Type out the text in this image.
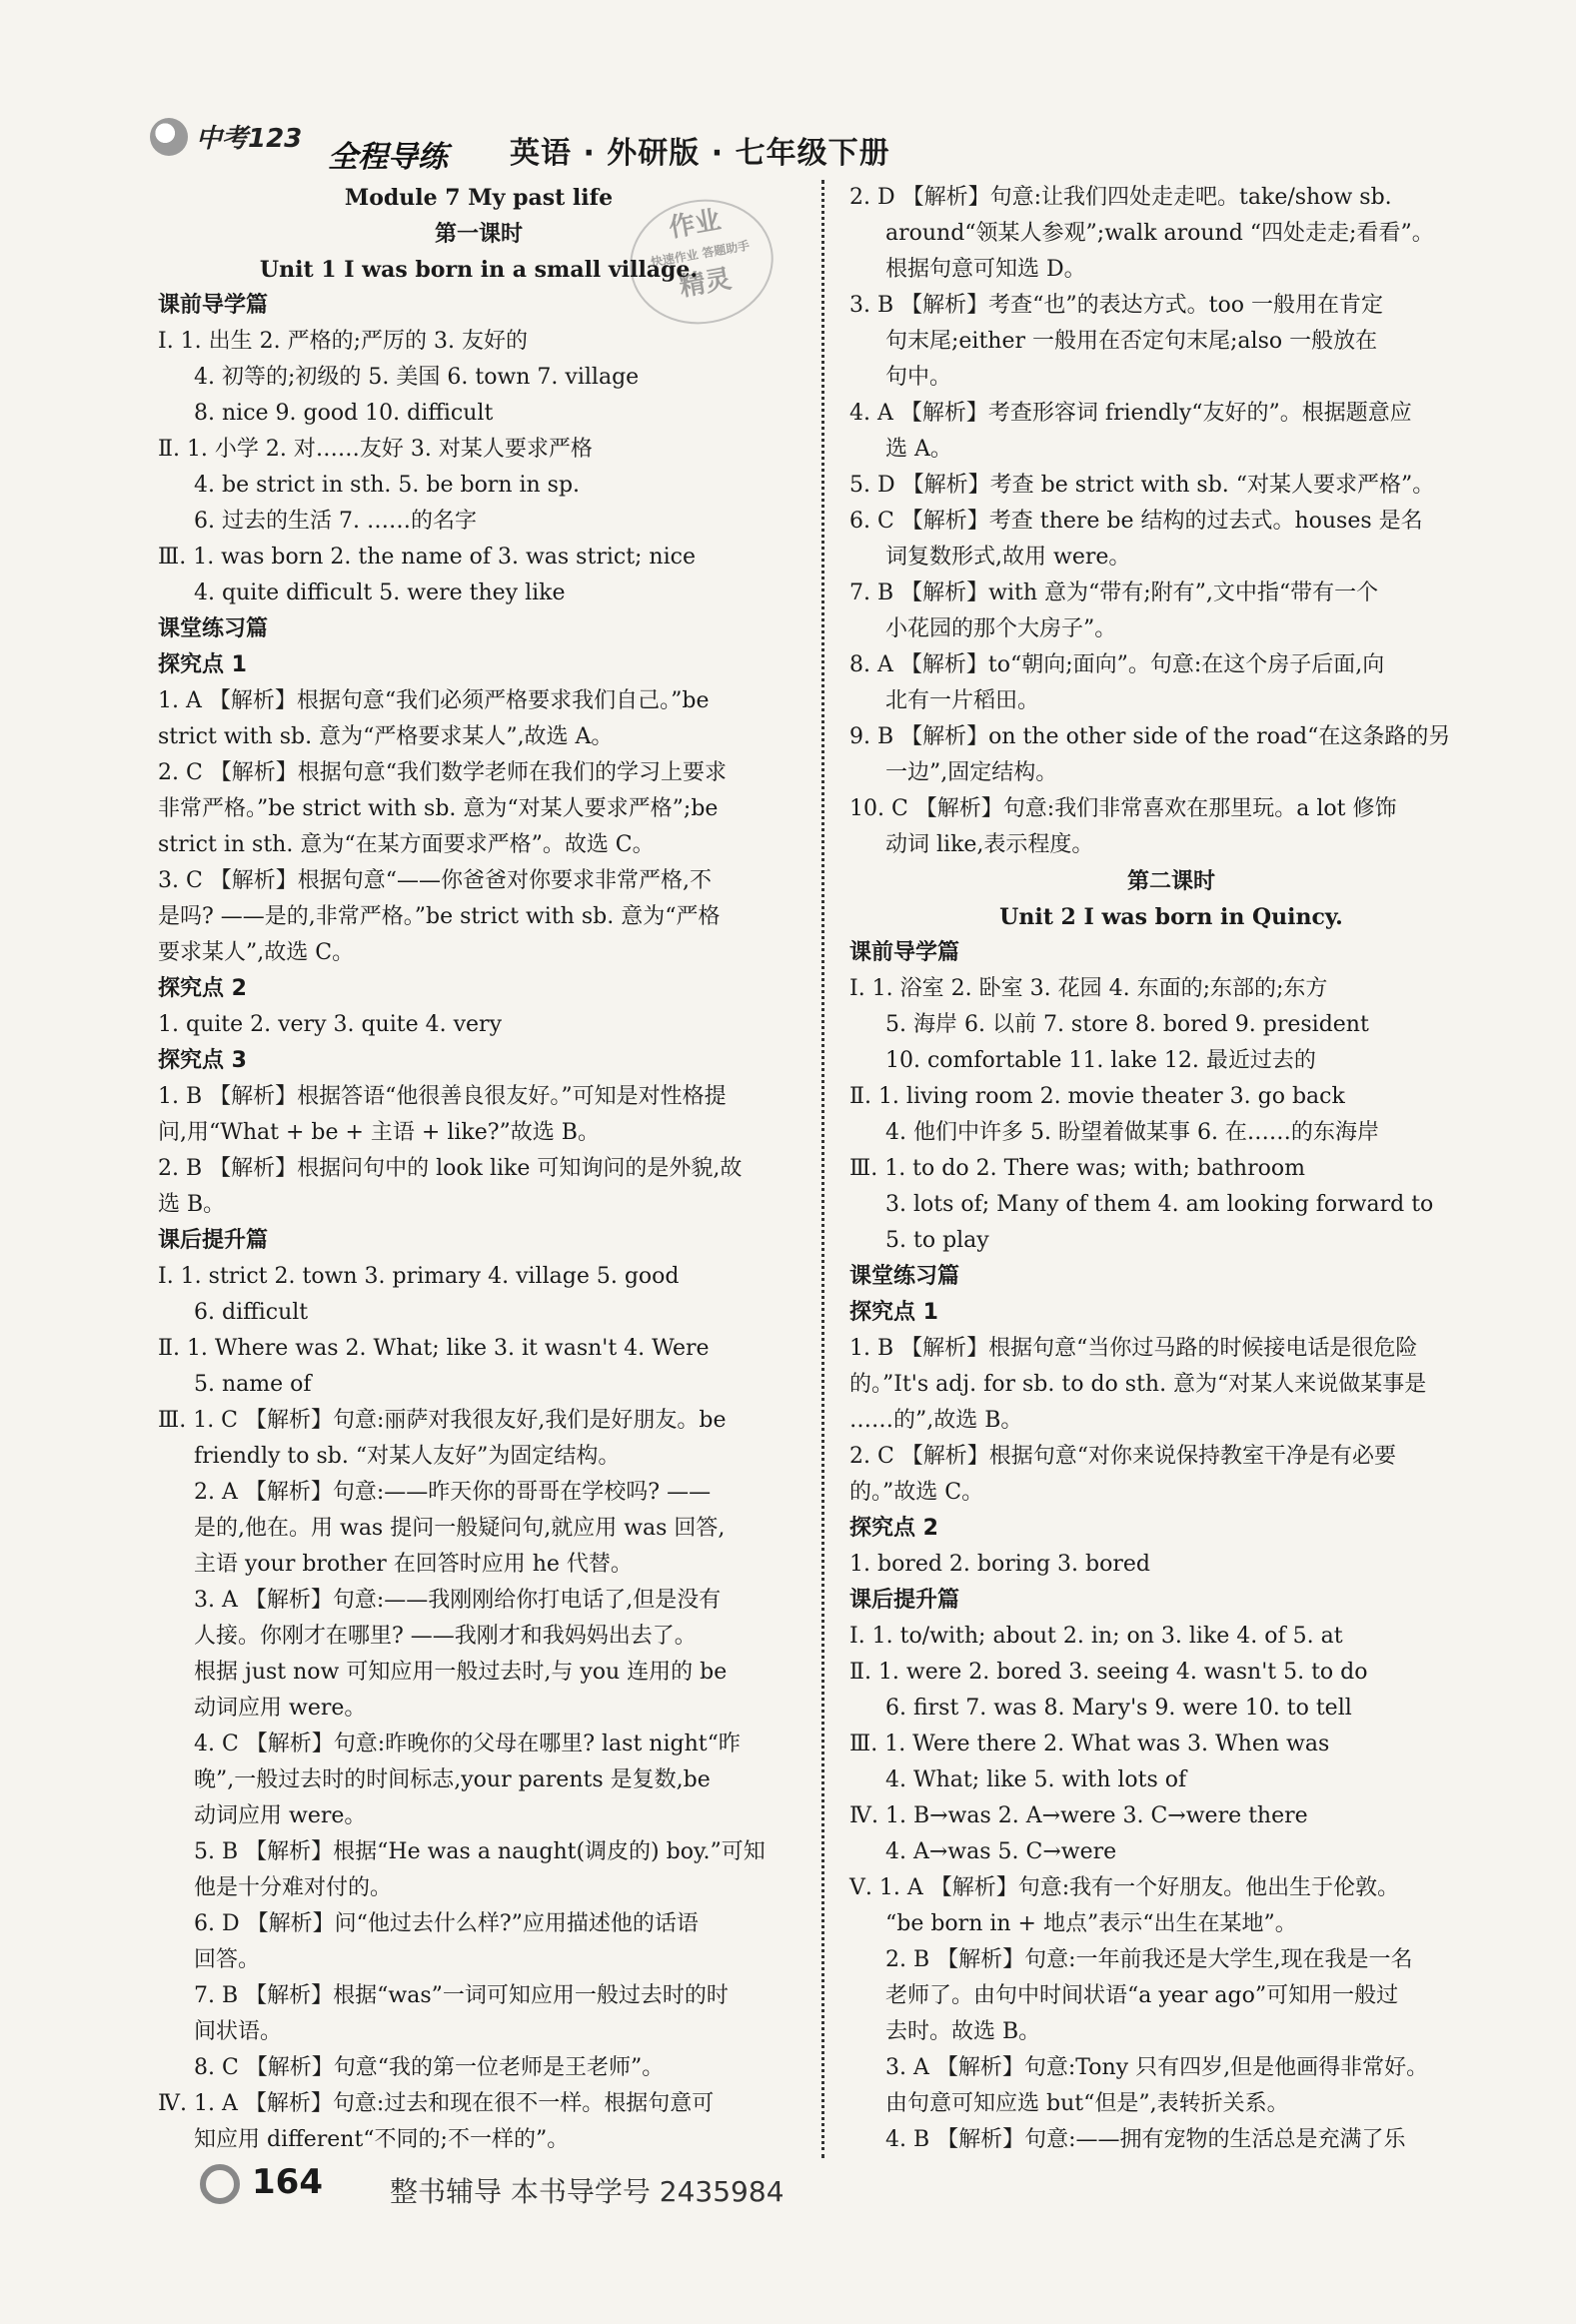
中考123
全程导练 英语 · 外研版 · 七年级下册
作业
快速作业 答题助手
精灵
Module 7 My past life
第一课时
Unit 1 I was born in a small village.
课前导学篇
Ⅰ. 1. 出生 2. 严格的;严厉的 3. 友好的
4. 初等的;初级的 5. 美国 6. town 7. village
8. nice 9. good 10. difficult
Ⅱ. 1. 小学 2. 对……友好 3. 对某人要求严格
4. be strict in sth. 5. be born in sp.
6. 过去的生活 7. ……的名字
Ⅲ. 1. was born 2. the name of 3. was strict; nice
4. quite difficult 5. were they like
课堂练习篇
探究点 1
1. A 【解析】根据句意“我们必须严格要求我们自己。”be
strict with sb. 意为“严格要求某人”,故选 A。
2. C 【解析】根据句意“我们数学老师在我们的学习上要求
非常严格。”be strict with sb. 意为“对某人要求严格”;be
strict in sth. 意为“在某方面要求严格”。故选 C。
3. C 【解析】根据句意“——你爸爸对你要求非常严格,不
是吗? ——是的,非常严格。”be strict with sb. 意为“严格
要求某人”,故选 C。
探究点 2
1. quite 2. very 3. quite 4. very
探究点 3
1. B 【解析】根据答语“他很善良很友好。”可知是对性格提
问,用“What + be + 主语 + like?”故选 B。
2. B 【解析】根据问句中的 look like 可知询问的是外貌,故
选 B。
课后提升篇
Ⅰ. 1. strict 2. town 3. primary 4. village 5. good
6. difficult
Ⅱ. 1. Where was 2. What; like 3. it wasn't 4. Were
5. name of
Ⅲ. 1. C 【解析】句意:丽萨对我很友好,我们是好朋友。be
friendly to sb. “对某人友好”为固定结构。
2. A 【解析】句意:——昨天你的哥哥在学校吗? ——
是的,他在。用 was 提问一般疑问句,就应用 was 回答,
主语 your brother 在回答时应用 he 代替。
3. A 【解析】句意:——我刚刚给你打电话了,但是没有
人接。你刚才在哪里? ——我刚才和我妈妈出去了。
根据 just now 可知应用一般过去时,与 you 连用的 be
动词应用 were。
4. C 【解析】句意:昨晚你的父母在哪里? last night“昨
晚”,一般过去时的时间标志,your parents 是复数,be
动词应用 were。
5. B 【解析】根据“He was a naught(调皮的) boy.”可知
他是十分难对付的。
6. D 【解析】问“他过去什么样?”应用描述他的话语
回答。
7. B 【解析】根据“was”一词可知应用一般过去时的时
间状语。
8. C 【解析】句意“我的第一位老师是王老师”。
Ⅳ. 1. A 【解析】句意:过去和现在很不一样。根据句意可
知应用 different“不同的;不一样的”。
2. D 【解析】句意:让我们四处走走吧。take/show sb.
around“领某人参观”;walk around “四处走走;看看”。
根据句意可知选 D。
3. B 【解析】考查“也”的表达方式。too 一般用在肯定
句末尾;either 一般用在否定句末尾;also 一般放在
句中。
4. A 【解析】考查形容词 friendly“友好的”。根据题意应
选 A。
5. D 【解析】考查 be strict with sb. “对某人要求严格”。
6. C 【解析】考查 there be 结构的过去式。houses 是名
词复数形式,故用 were。
7. B 【解析】with 意为“带有;附有”,文中指“带有一个
小花园的那个大房子”。
8. A 【解析】to“朝向;面向”。句意:在这个房子后面,向
北有一片稻田。
9. B 【解析】on the other side of the road“在这条路的另
一边”,固定结构。
10. C 【解析】句意:我们非常喜欢在那里玩。a lot 修饰
动词 like,表示程度。
第二课时
Unit 2 I was born in Quincy.
课前导学篇
Ⅰ. 1. 浴室 2. 卧室 3. 花园 4. 东面的;东部的;东方
5. 海岸 6. 以前 7. store 8. bored 9. president
10. comfortable 11. lake 12. 最近过去的
Ⅱ. 1. living room 2. movie theater 3. go back
4. 他们中许多 5. 盼望着做某事 6. 在……的东海岸
Ⅲ. 1. to do 2. There was; with; bathroom
3. lots of; Many of them 4. am looking forward to
5. to play
课堂练习篇
探究点 1
1. B 【解析】根据句意“当你过马路的时候接电话是很危险
的。”It's adj. for sb. to do sth. 意为“对某人来说做某事是
……的”,故选 B。
2. C 【解析】根据句意“对你来说保持教室干净是有必要
的。”故选 C。
探究点 2
1. bored 2. boring 3. bored
课后提升篇
Ⅰ. 1. to/with; about 2. in; on 3. like 4. of 5. at
Ⅱ. 1. were 2. bored 3. seeing 4. wasn't 5. to do
6. first 7. was 8. Mary's 9. were 10. to tell
Ⅲ. 1. Were there 2. What was 3. When was
4. What; like 5. with lots of
Ⅳ. 1. B→was 2. A→were 3. C→were there
4. A→was 5. C→were
Ⅴ. 1. A 【解析】句意:我有一个好朋友。他出生于伦敦。
“be born in + 地点”表示“出生在某地”。
2. B 【解析】句意:一年前我还是大学生,现在我是一名
老师了。由句中时间状语“a year ago”可知用一般过
去时。故选 B。
3. A 【解析】句意:Tony 只有四岁,但是他画得非常好。
由句意可知应选 but“但是”,表转折关系。
4. B 【解析】句意:——拥有宠物的生活总是充满了乐
164 整书辅导 本书导学号 2435984
